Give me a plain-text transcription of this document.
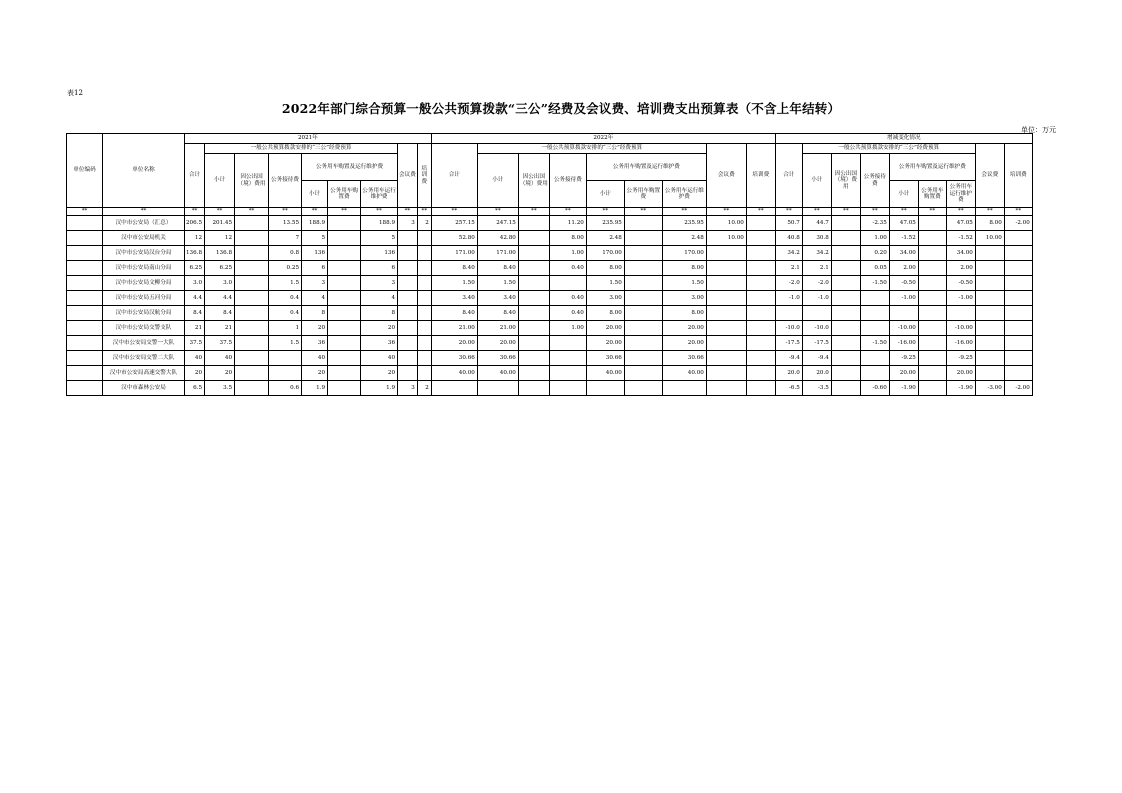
表12
2022年部门综合预算一般公共预算拨款“三公”经费及会议费、培训费支出预算表（不含上年结转）
单位：万元
单位编码	单位名称	2021年									2022年									增减变化情况								
		合计	一般公共预算拨款安排的“三公”经费预算						会议费	培训费	合计	一般公共预算拨款安排的“三公”经费预算						会议费	培训费	合计	一般公共预算拨款安排的“三公”经费预算						会议费	培训费
			小计	因公出国（境）费用	公务接待费	公务用车购置及运行维护费						小计	因公出国（境）费用	公务接待费	公务用车购置及运行维护费						小计	因公出国（境）费用	公务接待费	公务用车购置及运行维护费				
						小计	公务用车购置费	公务用车运行维护费							小计	公务用车购置费	公务用车运行维护费							小计	公务用车购置费	公务用车运行维护费		
**	**	**	**	**	**	**	**	**	**	**	**	**	**	**	**	**	**	**	**	**	**	**	**	**	**	**	**	**
	汉中市公安局（汇总）	206.5	201.45		13.55	188.9		188.9	3	2	257.15	247.15		11.20	235.95		235.95	10.00		50.7	44.7		-2.35	47.05		47.05	8.00	-2.00
	汉中市公安局机关	12	12		7	5		5			52.80	42.80		8.00	2.48		2.48	10.00		40.8	30.8		1.00	-1.52		-1.52	10.00	
	汉中市公安局汉台分局	136.8	136.8		0.8	136		136			171.00	171.00		1.00	170.00		170.00			34.2	34.2		0.20	34.00		34.00		
	汉中市公安局南山分局	6.25	6.25		0.25	6		6			8.40	8.40		0.40	8.00		8.00			2.1	2.1		0.05	2.00		2.00		
	汉中市公安局文柳分局	3.0	3.0		1.5	3		3			1.50	1.50			1.50		1.50			-2.0	-2.0		-1.50	-0.50		-0.50		
	汉中市公安局五河分局	4.4	4.4		0.4	4		4			3.40	3.40		0.40	3.00		3.00			-1.0	-1.0			-1.00		-1.00		
	汉中市公安局汉航分局	8.4	8.4		0.4	8		8			8.40	8.40		0.40	8.00		8.00											
	汉中市公安局交警支队	21	21		1	20		20			21.00	21.00		1.00	20.00		20.00			-10.0	-10.0			-10.00		-10.00		
	汉中市公安局交警一大队	37.5	37.5		1.5	36		36			20.00	20.00			20.00		20.00			-17.5	-17.5		-1.50	-16.00		-16.00		
	汉中市公安局交警二大队	40	40			40		40			30.66	30.66			30.66		30.66			-9.4	-9.4			-9.25		-9.25		
	汉中市公安局高速交警大队	20	20			20		20			40.00	40.00			40.00		40.00			20.0	20.0			20.00		20.00		
	汉中市森林公安局	6.5	3.5		0.6	1.9		1.9	3	2										-6.5	-3.5		-0.60	-1.90		-1.90	-3.00	-2.00
